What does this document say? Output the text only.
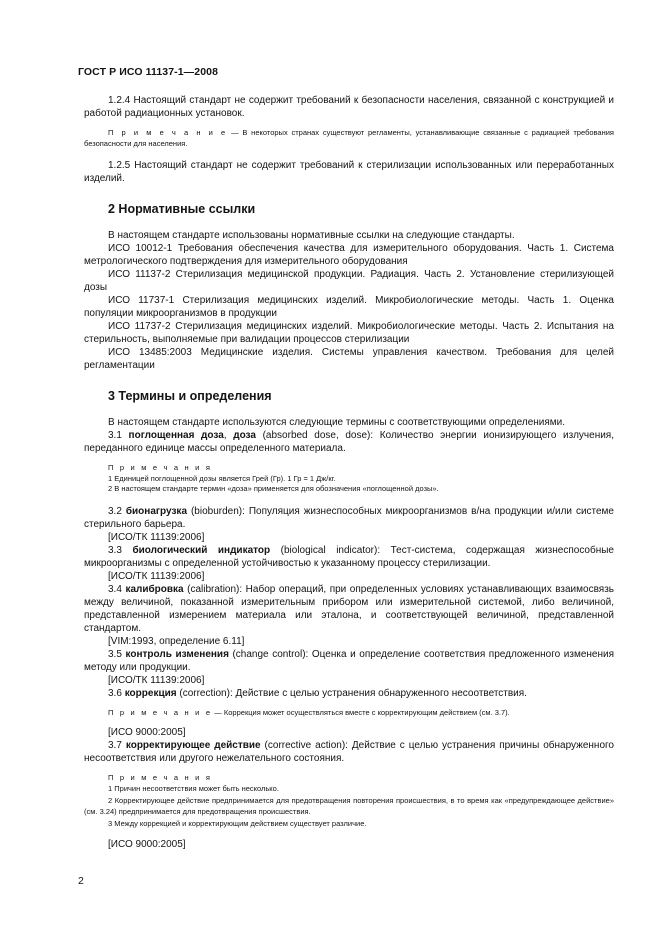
ГОСТ Р ИСО 11137-1—2008

1.2.4 Настоящий стандарт не содержит требований к безопасности населения, связанной с конструкцией и работой радиационных установок.

П р и м е ч а н и е — В некоторых странах существуют регламенты, устанавливающие связанные с радиацией требования безопасности для населения.

1.2.5 Настоящий стандарт не содержит требований к стерилизации использованных или переработанных изделий.

2 Нормативные ссылки

В настоящем стандарте использованы нормативные ссылки на следующие стандарты.

ИСО 10012-1 Требования обеспечения качества для измерительного оборудования. Часть 1. Система метрологического подтверждения для измерительного оборудования

ИСО 11137-2 Стерилизация медицинской продукции. Радиация. Часть 2. Установление стерилизующей дозы

ИСО 11737-1 Стерилизация медицинских изделий. Микробиологические методы. Часть 1. Оценка популяции микроорганизмов в продукции

ИСО 11737-2 Стерилизация медицинских изделий. Микробиологические методы. Часть 2. Испытания на стерильность, выполняемые при валидации процессов стерилизации

ИСО 13485:2003 Медицинские изделия. Системы управления качеством. Требования для целей регламентации

3 Термины и определения

В настоящем стандарте используются следующие термины с соответствующими определениями.

3.1 поглощенная доза, доза (absorbed dose, dose): Количество энергии ионизирующего излучения, переданного единице массы определенного материала.

П р и м е ч а н и я

1 Единицей поглощенной дозы является Грей (Гр). 1 Гр = 1 Дж/кг.

2 В настоящем стандарте термин «доза» применяется для обозначения «поглощенной дозы».

3.2 бионагрузка (bioburden): Популяция жизнеспособных микроорганизмов в/на продукции и/или системе стерильного барьера.

[ИСО/ТК 11139:2006]

3.3 биологический индикатор (biological indicator): Тест-система, содержащая жизнеспособные микроорганизмы с определенной устойчивостью к указанному процессу стерилизации.

[ИСО/ТК 11139:2006]

3.4 калибровка (calibration): Набор операций, при определенных условиях устанавливающих взаимосвязь между величиной, показанной измерительным прибором или измерительной системой, либо величиной, представленной измерением материала или эталона, и соответствующей величиной, представленной стандартом.

[VIM:1993, определение 6.11]

3.5 контроль изменения (change control): Оценка и определение соответствия предложенного изменения методу или продукции.

[ИСО/ТК 11139:2006]

3.6 коррекция (correction): Действие с целью устранения обнаруженного несоответствия.

П р и м е ч а н и е — Коррекция может осуществляться вместе с корректирующим действием (см. 3.7).

[ИСО 9000:2005]

3.7 корректирующее действие (corrective action): Действие с целью устранения причины обнаруженного несоответствия или другого нежелательного состояния.

П р и м е ч а н и я

1 Причин несоответствия может быть несколько.

2 Корректирующее действие предпринимается для предотвращения повторения происшествия, в то время как «предупреждающее действие» (см. 3.24) предпринимается для предотвращения происшествия.

3 Между коррекцией и корректирующим действием существует различие.

[ИСО 9000:2005]

2
